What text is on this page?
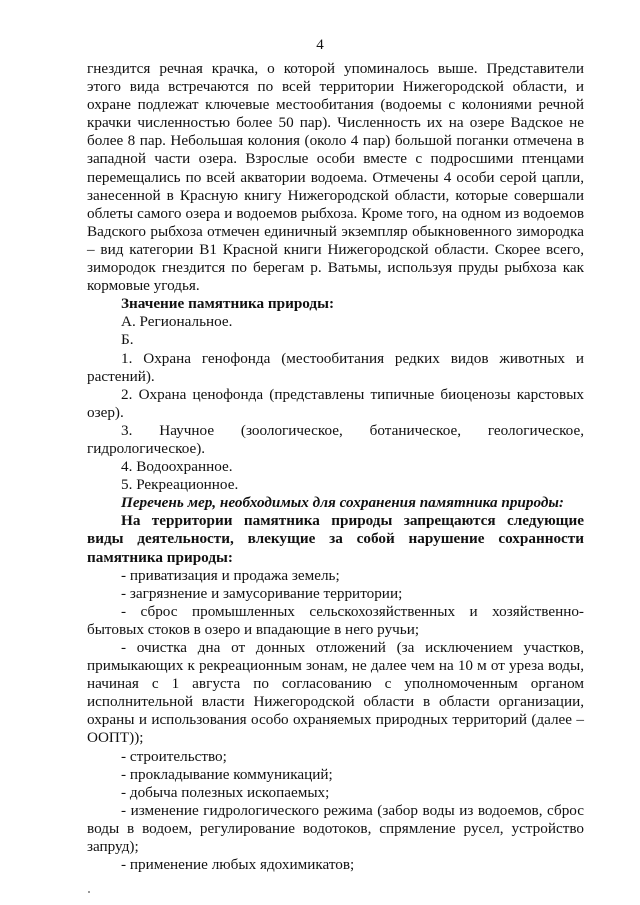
4

гнездится речная крачка, о которой упоминалось выше. Представители этого вида встречаются по всей территории Нижегородской области, и охране подлежат ключевые местообитания (водоемы с колониями речной крачки численностью более 50 пар). Численность их на озере Вадское не более 8 пар. Небольшая колония (около 4 пар) большой поганки отмечена в западной части озера. Взрослые особи вместе с подросшими птенцами перемещались по всей акватории водоема. Отмечены 4 особи серой цапли, занесенной в Красную книгу Нижегородской области, которые совершали облеты самого озера и водоемов рыбхоза. Кроме того, на одном из водоемов Вадского рыбхоза отмечен единичный экземпляр обыкновенного зимородка – вид категории B1 Красной книги Нижегородской области. Скорее всего, зимородок гнездится по берегам р. Ватьмы, используя пруды рыбхоза как кормовые угодья.

Значение памятника природы:

А. Региональное.

Б.

1. Охрана генофонда (местообитания редких видов животных и растений).

2. Охрана ценофонда (представлены типичные биоценозы карстовых озер).

3. Научное (зоологическое, ботаническое, геологическое, гидрологическое).

4. Водоохранное.

5. Рекреационное.

Перечень мер, необходимых для сохранения памятника природы:

На территории памятника природы запрещаются следующие виды деятельности, влекущие за собой нарушение сохранности памятника природы:

- приватизация и продажа земель;

- загрязнение и замусоривание территории;

- сброс промышленных сельскохозяйственных и хозяйственно-бытовых стоков в озеро и впадающие в него ручьи;

- очистка дна от донных отложений (за исключением участков, примыкающих к рекреационным зонам, не далее чем на 10 м от уреза воды, начиная с 1 августа по согласованию с уполномоченным органом исполнительной власти Нижегородской области в области организации, охраны и использования особо охраняемых природных территорий (далее – ООПТ));

- строительство;

- прокладывание коммуникаций;

- добыча полезных ископаемых;

- изменение гидрологического режима (забор воды из водоемов, сброс воды в водоем, регулирование водотоков, спрямление русел, устройство запруд);

- применение любых ядохимикатов;
